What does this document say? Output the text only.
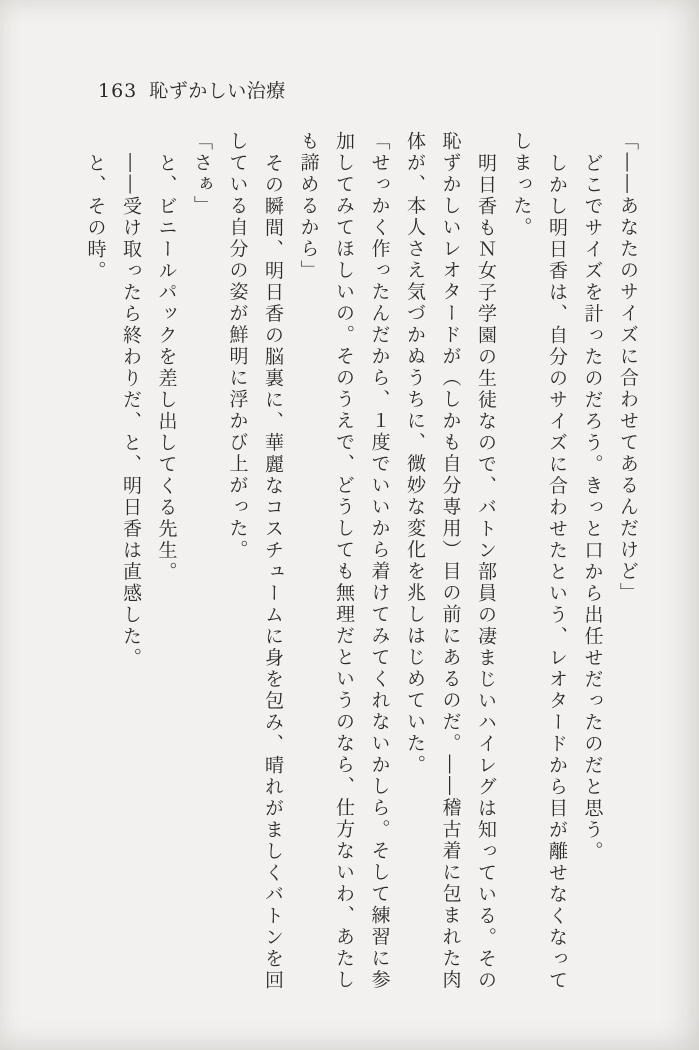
163 恥ずかしい治療

「――あなたのサイズに合わせてあるんだけど」

どこでサイズを計ったのだろう。きっと口から出任せだったのだと思う。

しかし明日香は、自分のサイズに合わせたという、レオタードから目が離せなくなって

しまった。

明日香もＮ女子学園の生徒なので、バトン部員の凄まじいハイレグは知っている。その

恥ずかしいレオタードが（しかも自分専用）目の前にあるのだ。――稽古着に包まれた肉

体が、本人さえ気づかぬうちに、微妙な変化を兆しはじめていた。

「せっかく作ったんだから、１度でいいから着けてみてくれないかしら。そして練習に参

加してみてほしいの。そのうえで、どうしても無理だというのなら、仕方ないわ、あたし

も諦めるから」

その瞬間、明日香の脳裏に、華麗なコスチュームに身を包み、晴れがましくバトンを回

している自分の姿が鮮明に浮かび上がった。

「さぁ」

と、ビニールパックを差し出してくる先生。

――受け取ったら終わりだ、と、明日香は直感した。

と、その時。
